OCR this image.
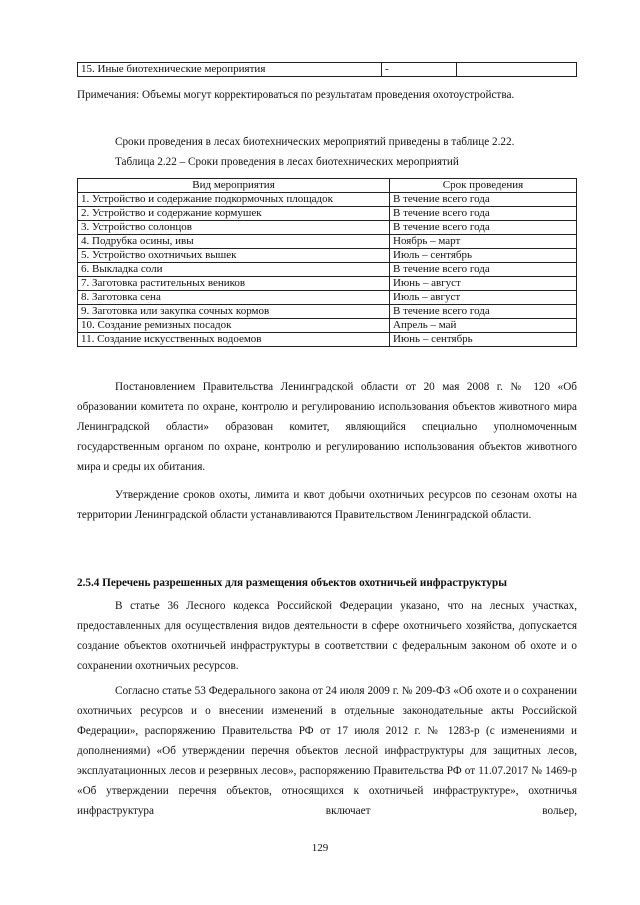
15. Иные биотехнические мероприятия	-	

Примечания: Объемы могут корректироваться по результатам проведения охотоустройства.

Сроки проведения в лесах биотехнических мероприятий приведены в таблице 2.22.

Таблица 2.22 – Сроки проведения в лесах биотехнических мероприятий

Вид мероприятия	Срок проведения
1. Устройство и содержание подкормочных площадок	В течение всего года
2. Устройство и содержание кормушек	В течение всего года
3. Устройство солонцов	В течение всего года
4. Подрубка осины, ивы	Ноябрь – март
5. Устройство охотничьих вышек	Июль – сентябрь
6. Выкладка соли	В течение всего года
7. Заготовка растительных веников	Июнь – август
8. Заготовка сена	Июль – август
9. Заготовка или закупка сочных кормов	В течение всего года
10. Создание ремизных посадок	Апрель – май
11. Создание искусственных водоемов	Июнь – сентябрь

Постановлением Правительства Ленинградской области от 20 мая 2008 г. № 120 «Об образовании комитета по охране, контролю и регулированию использования объектов животного мира Ленинградской области» образован комитет, являющийся специально уполномоченным государственным органом по охране, контролю и регулированию использования объектов животного мира и среды их обитания.

Утверждение сроков охоты, лимита и квот добычи охотничьих ресурсов по сезонам охоты на территории Ленинградской области устанавливаются Правительством Ленинградской области.

2.5.4 Перечень разрешенных для размещения объектов охотничьей инфраструктуры

В статье 36 Лесного кодекса Российской Федерации указано, что на лесных участках, предоставленных для осуществления видов деятельности в сфере охотничьего хозяйства, допускается создание объектов охотничьей инфраструктуры в соответствии с федеральным законом об охоте и о сохранении охотничьих ресурсов.

Согласно статье 53 Федерального закона от 24 июля 2009 г. № 209-ФЗ «Об охоте и о сохранении охотничьих ресурсов и о внесении изменений в отдельные законодательные акты Российской Федерации», распоряжению Правительства РФ от 17 июля 2012 г. № 1283-р (с изменениями и дополнениями) «Об утверждении перечня объектов лесной инфраструктуры для защитных лесов, эксплуатационных лесов и резервных лесов», распоряжению Правительства РФ от 11.07.2017 № 1469-р «Об утверждении перечня объектов, относящихся к охотничьей инфраструктуре», охотничья инфраструктура включает вольер,

129
